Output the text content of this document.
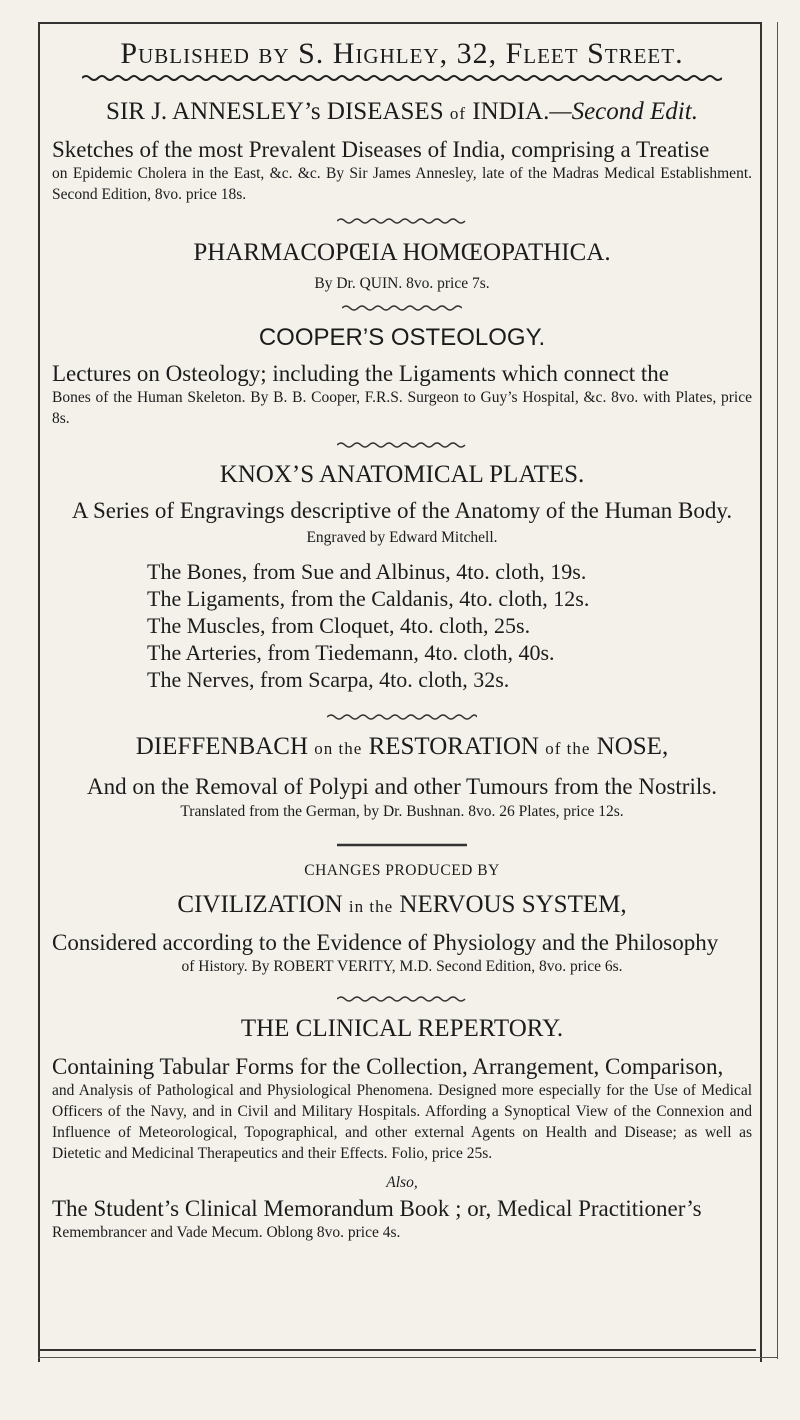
Published by S. Highley, 32, Fleet Street.

SIR J. ANNESLEY’s DISEASES of INDIA.—Second Edit.

Sketches of the most Prevalent Diseases of India, comprising a Treatise

on Epidemic Cholera in the East, &c. &c. By Sir James Annesley, late of the Madras Medical Establishment. Second Edition, 8vo. price 18s.

PHARMACOPŒIA HOMŒOPATHICA.

By Dr. QUIN. 8vo. price 7s.

COOPER’S OSTEOLOGY.

Lectures on Osteology; including the Ligaments which connect the

Bones of the Human Skeleton. By B. B. Cooper, F.R.S. Surgeon to Guy’s Hospital, &c. 8vo. with Plates, price 8s.

KNOX’S ANATOMICAL PLATES.

A Series of Engravings descriptive of the Anatomy of the Human Body.

Engraved by Edward Mitchell.

The Bones, from Sue and Albinus, 4to. cloth, 19s.

The Ligaments, from the Caldanis, 4to. cloth, 12s.

The Muscles, from Cloquet, 4to. cloth, 25s.

The Arteries, from Tiedemann, 4to. cloth, 40s.

The Nerves, from Scarpa, 4to. cloth, 32s.

DIEFFENBACH on the RESTORATION of the NOSE,

And on the Removal of Polypi and other Tumours from the Nostrils.

Translated from the German, by Dr. Bushnan. 8vo. 26 Plates, price 12s.

CHANGES PRODUCED BY

CIVILIZATION in the NERVOUS SYSTEM,

Considered according to the Evidence of Physiology and the Philosophy

of History. By ROBERT VERITY, M.D. Second Edition, 8vo. price 6s.

THE CLINICAL REPERTORY.

Containing Tabular Forms for the Collection, Arrangement, Comparison,

and Analysis of Pathological and Physiological Phenomena. Designed more especially for the Use of Medical Officers of the Navy, and in Civil and Military Hospitals. Affording a Synoptical View of the Connexion and Influence of Meteorological, Topographical, and other external Agents on Health and Disease; as well as Dietetic and Medicinal Therapeutics and their Effects. Folio, price 25s.

Also,

The Student’s Clinical Memorandum Book ; or, Medical Practitioner’s

Remembrancer and Vade Mecum. Oblong 8vo. price 4s.
